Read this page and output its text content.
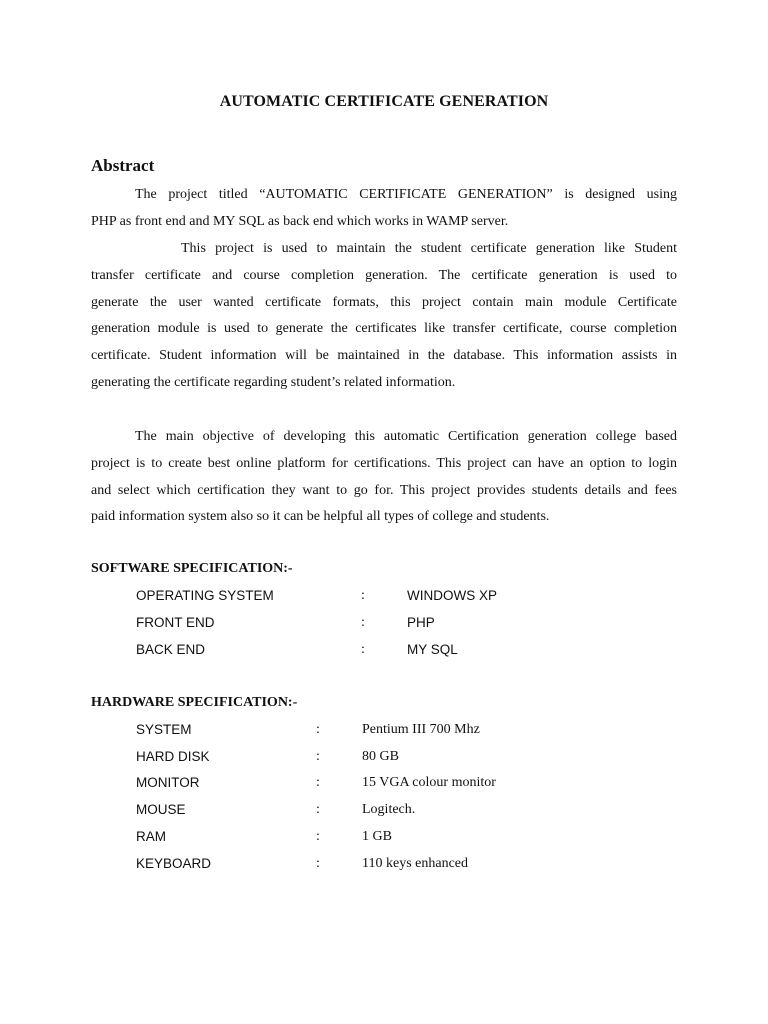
AUTOMATIC CERTIFICATE GENERATION
Abstract
The project titled “AUTOMATIC CERTIFICATE GENERATION” is designed using
PHP as front end and MY SQL as back end which works in WAMP server.
This project is used to maintain the student certificate generation like Student
transfer certificate and course completion generation. The certificate generation is used to
generate the user wanted certificate formats, this project contain main module Certificate
generation module is used to generate the certificates like transfer certificate, course completion
certificate. Student information will be maintained in the database. This information assists in
generating the certificate regarding student’s related information.
The main objective of developing this automatic Certification generation college based
project is to create best online platform for certifications. This project can have an option to login
and select which certification they want to go for. This project provides students details and fees
paid information system also so it can be helpful all types of college and students.
SOFTWARE SPECIFICATION:-
OPERATING SYSTEM	:	WINDOWS XP
FRONT END	:	PHP
BACK END	:	MY SQL
HARDWARE SPECIFICATION:-
SYSTEM	:	Pentium III 700 Mhz
HARD DISK	:	80 GB
MONITOR	:	15 VGA colour monitor
MOUSE	:	Logitech.
RAM	:	1 GB
KEYBOARD	:	110 keys enhanced
